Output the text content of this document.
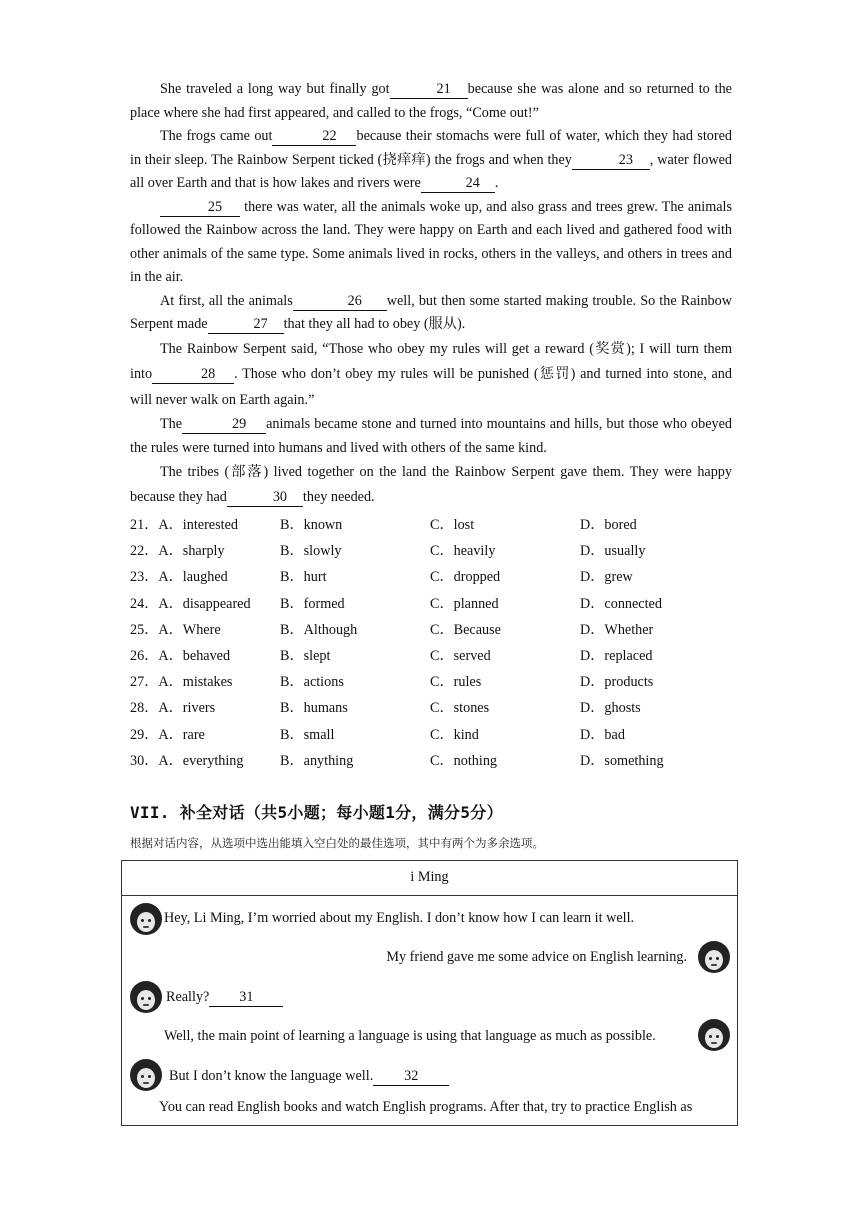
She traveled a long way but finally got	21 because she was alone and so returned to the place where she had first appeared, and called to the frogs, “Come out!”

The frogs came out	22 because their stomachs were full of water, which they had stored in their sleep. The Rainbow Serpent ticked (挠痒痒) the frogs and when they	23 , water flowed all over Earth and that is how lakes and rivers were	24 .

25 there was water, all the animals woke up, and also grass and trees grew. The animals followed the Rainbow across the land. They were happy on Earth and each lived and gathered food with other animals of the same type. Some animals lived in rocks, others in the valleys, and others in trees and in the air.

At first, all the animals	26 well, but then some started making trouble. So the Rainbow Serpent made	27 that they all had to obey (服从).

The Rainbow Serpent said, “Those who obey my rules will get a reward (奖赏); I will turn them into	28 . Those who don’t obey my rules will be punished (惩罚) and turned into stone, and will never walk on Earth again.”

The	29 animals became stone and turned into mountains and hills, but those who obeyed the rules were turned into humans and lived with others of the same kind.

The tribes (部落) lived together on the land the Rainbow Serpent gave them. They were happy because they had	30 they needed.

21．A．interested	B．known	C．lost	D．bored
22．A．sharply	B．slowly	C．heavily	D．usually
23．A．laughed	B．hurt	C．dropped	D．grew
24．A．disappeared B．formed	C．planned	D．connected
25．A．Where	B．Although	C．Because	D．Whether
26．A．behaved	B．slept	C．served	D．replaced
27．A．mistakes	B．actions	C．rules	D．products
28．A．rivers	B．humans	C．stones	D．ghosts
29．A．rare	B．small	C．kind	D．bad
30．A．everything	B．anything	C．nothing	D．something
VII. 补全对话（共5小题；每小题1分，满分5分）
根据对话内容，从选项中选出能填入空白处的最佳选项，其中有两个为多余选项。
i Ming
Hey, Li Ming, I’m worried about my English. I don’t know how I can learn it well.
My friend gave me some advice on English learning.
Really? 31
Well, the main point of learning a language is using that language as much as possible.
But I don’t know the language well. 32
You can read English books and watch English programs. After that, try to practice English as
